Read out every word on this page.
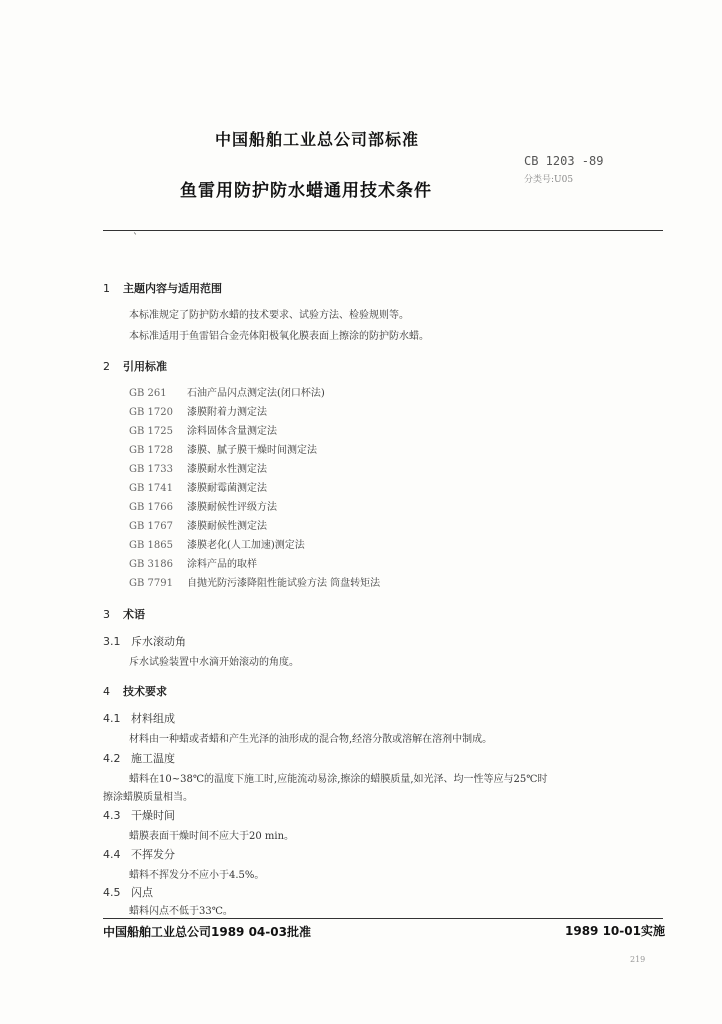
中国船舶工业总公司部标准
CB 1203 -89
分类号:U05
鱼雷用防护防水蜡通用技术条件
`
1 主题内容与适用范围
本标准规定了防护防水蜡的技术要求、试验方法、检验规则等。
本标准适用于鱼雷铝合金壳体阳极氧化膜表面上擦涂的防护防水蜡。
2 引用标准
GB 261 石油产品闪点测定法(闭口杯法)
GB 1720 漆膜附着力测定法
GB 1725 涂料固体含量测定法
GB 1728 漆膜、腻子膜干燥时间测定法
GB 1733 漆膜耐水性测定法
GB 1741 漆膜耐霉菌测定法
GB 1766 漆膜耐候性评级方法
GB 1767 漆膜耐候性测定法
GB 1865 漆膜老化(人工加速)测定法
GB 3186 涂料产品的取样
GB 7791 自抛光防污漆降阻性能试验方法 筒盘转矩法
3 术语
3.1 斥水滚动角
斥水试验装置中水滴开始滚动的角度。
4 技术要求
4.1 材料组成
材料由一种蜡或者蜡和产生光泽的油形成的混合物,经溶分散或溶解在溶剂中制成。
4.2 施工温度
蜡料在10~38℃的温度下施工时,应能流动易涂,擦涂的蜡膜质量,如光泽、均一性等应与25℃时
擦涂蜡膜质量相当。
4.3 干燥时间
蜡膜表面干燥时间不应大于20 min。
4.4 不挥发分
蜡料不挥发分不应小于4.5%。
4.5 闪点
蜡料闪点不低于33℃。
中国船舶工业总公司1989 04-03批准	1989 10-01实施
219
